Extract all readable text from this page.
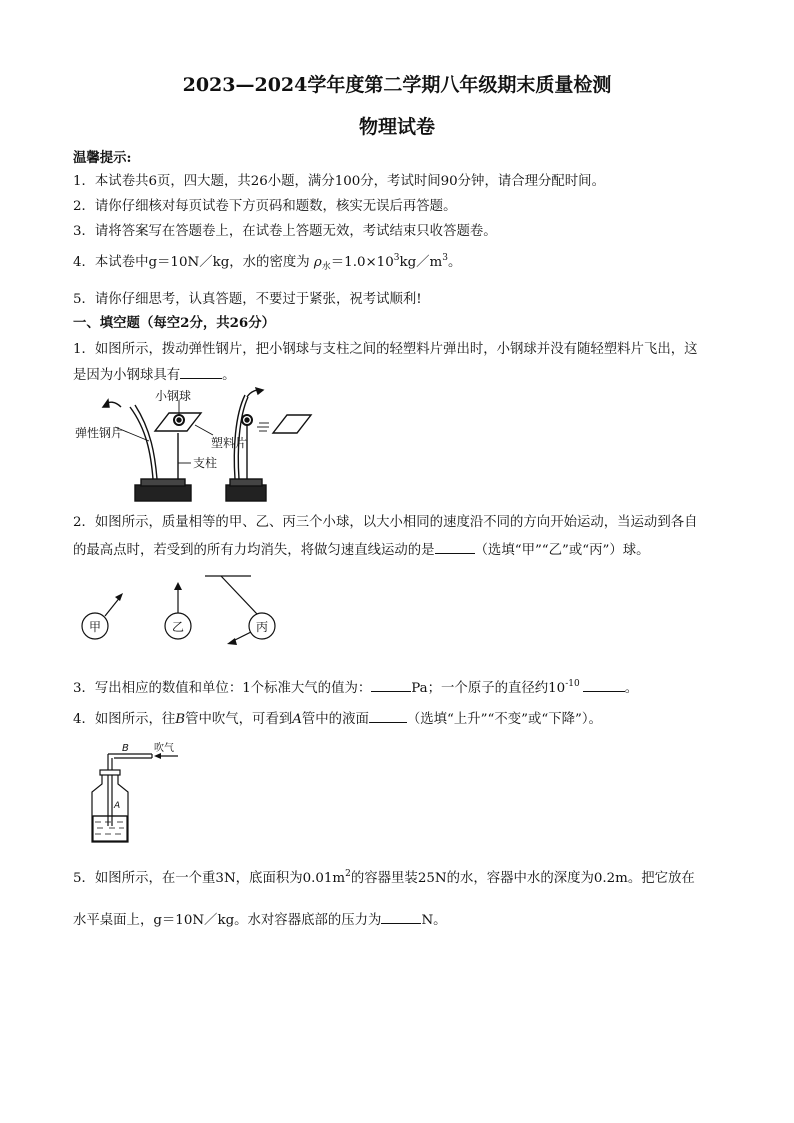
2023—2024学年度第二学期八年级期末质量检测
物理试卷
温馨提示:
1．本试卷共6页，四大题，共26小题，满分100分，考试时间90分钟，请合理分配时间。
2．请你仔细核对每页试卷下方页码和题数，核实无误后再答题。
3．请将答案写在答题卷上，在试卷上答题无效，考试结束只收答题卷。
4．本试卷中g＝10N／kg，水的密度为 $\rho_水=1.0\times 10^3kg/m^3$。
5．请你仔细思考，认真答题，不要过于紧张，祝考试顺利!
一、填空题（每空2分，共26分）
1．如图所示，拨动弹性钢片，把小钢球与支柱之间的轻塑料片弹出时，小钢球并没有随轻塑料片飞出，这
是因为小钢球具有	。
小钢球
弹性钢片
塑料片
支柱
2．如图所示，质量相等的甲、乙、丙三个小球，以大小相同的速度沿不同的方向开始运动，当运动到各自
的最高点时，若受到的所有力均消失，将做匀速直线运动的是	（选填“甲”“乙”或“丙”）球。
甲	乙	丙
3．写出相应的数值和单位：1个标准大气的值为：	Pa；一个原子的直径约$10^{-10}$	。
4．如图所示，往B管中吹气，可看到A管中的液面	（选填“上升”“不变”或“下降”）。
B	吹气
A
5．如图所示，在一个重3N，底面积为$0.01m^2$的容器里装25N的水，容器中水的深度为0.2m。把它放在
水平桌面上，g＝10N／kg。水对容器底部的压力为	N。
